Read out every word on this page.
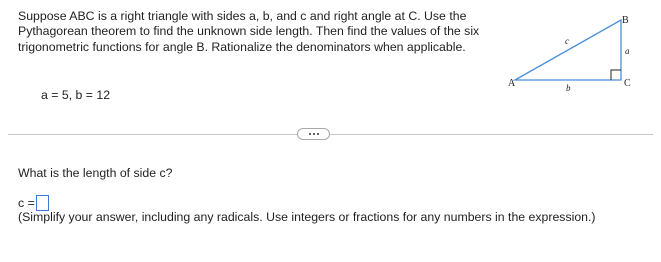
Suppose ABC is a right triangle with sides a, b, and c and right angle at C. Use the Pythagorean theorem to find the unknown side length. Then find the values of the six trigonometric functions for angle B. Rationalize the denominators when applicable.
a = 5, b = 12
A
B
C
a
b
c
What is the length of side c?
c =
(Simplify your answer, including any radicals. Use integers or fractions for any numbers in the expression.)
